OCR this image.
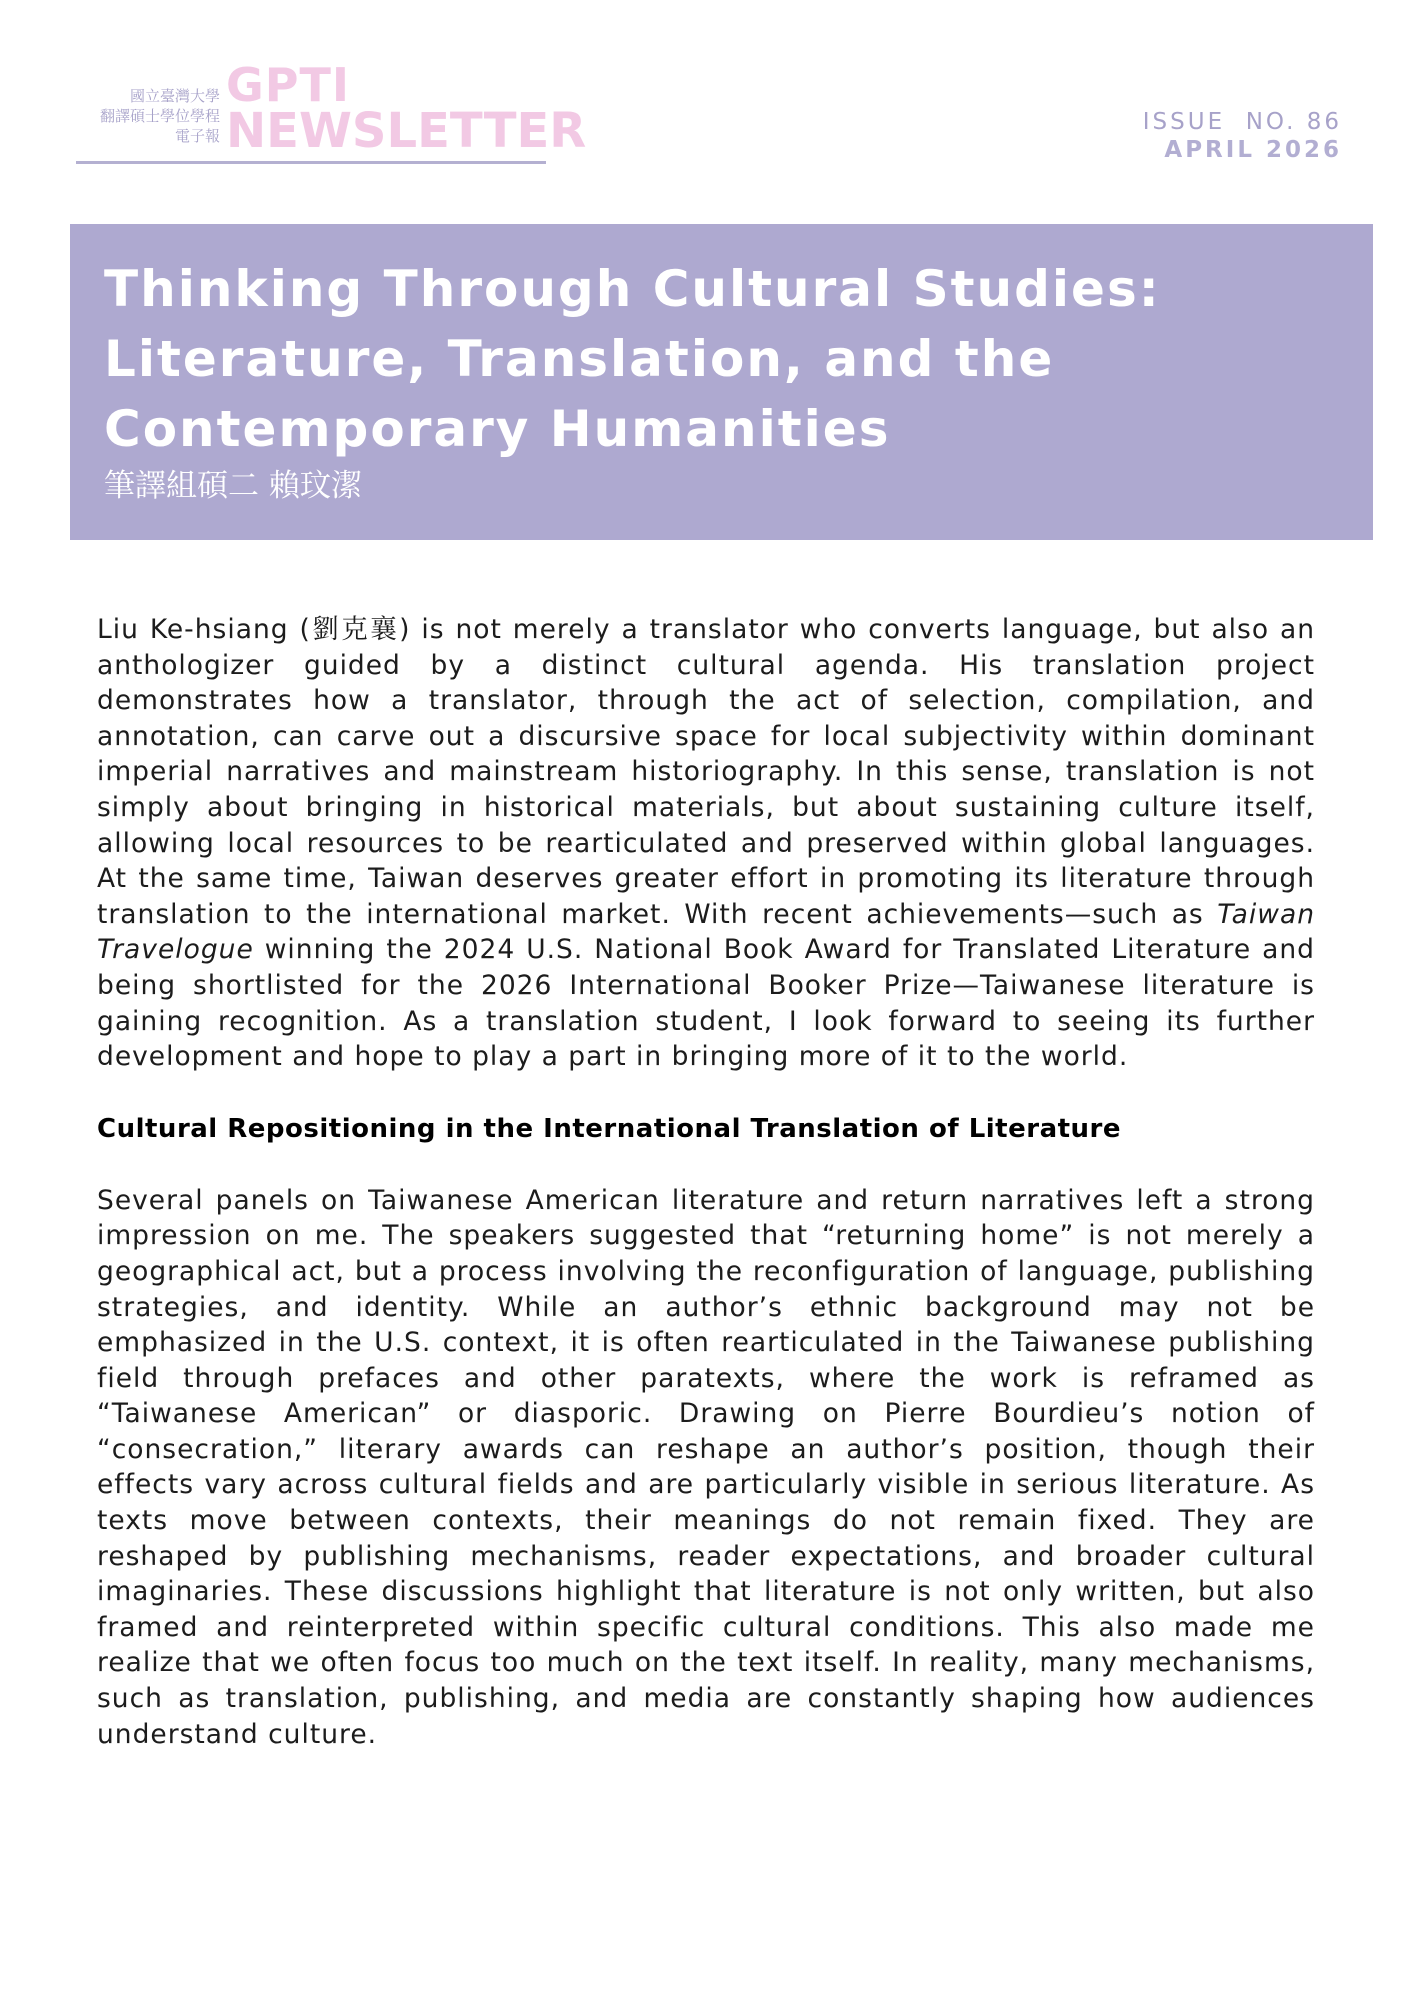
國立臺灣大學
翻譯碩士學位學程
電子報
GPTI
NEWSLETTER	ISSUE  NO. 86
APRIL 2026
Thinking Through Cultural Studies:
Literature, Translation, and the
Contemporary Humanities
筆譯組碩二 賴玟潔

Liu Ke-hsiang (劉克襄) is not merely a translator who converts language, but also an anthologizer guided by a distinct cultural agenda. His translation project demonstrates how a translator, through the act of selection, compilation, and annotation, can carve out a discursive space for local subjectivity within dominant imperial narratives and mainstream historiography. In this sense, translation is not simply about bringing in historical materials, but about sustaining culture itself, allowing local resources to be rearticulated and preserved within global languages. At the same time, Taiwan deserves greater effort in promoting its literature through translation to the international market. With recent achievements—such as Taiwan Travelogue winning the 2024 U.S. National Book Award for Translated Literature and being shortlisted for the 2026 International Booker Prize—Taiwanese literature is gaining recognition. As a translation student, I look forward to seeing its further development and hope to play a part in bringing more of it to the world.

Cultural Repositioning in the International Translation of Literature

Several panels on Taiwanese American literature and return narratives left a strong impression on me. The speakers suggested that “returning home” is not merely a geographical act, but a process involving the reconfiguration of language, publishing strategies, and identity. While an author’s ethnic background may not be emphasized in the U.S. context, it is often rearticulated in the Taiwanese publishing field through prefaces and other paratexts, where the work is reframed as “Taiwanese American” or diasporic. Drawing on Pierre Bourdieu’s notion of “consecration,” literary awards can reshape an author’s position, though their effects vary across cultural fields and are particularly visible in serious literature. As texts move between contexts, their meanings do not remain fixed. They are reshaped by publishing mechanisms, reader expectations, and broader cultural imaginaries. These discussions highlight that literature is not only written, but also framed and reinterpreted within specific cultural conditions. This also made me realize that we often focus too much on the text itself. In reality, many mechanisms, such as translation, publishing, and media are constantly shaping how audiences understand culture.
